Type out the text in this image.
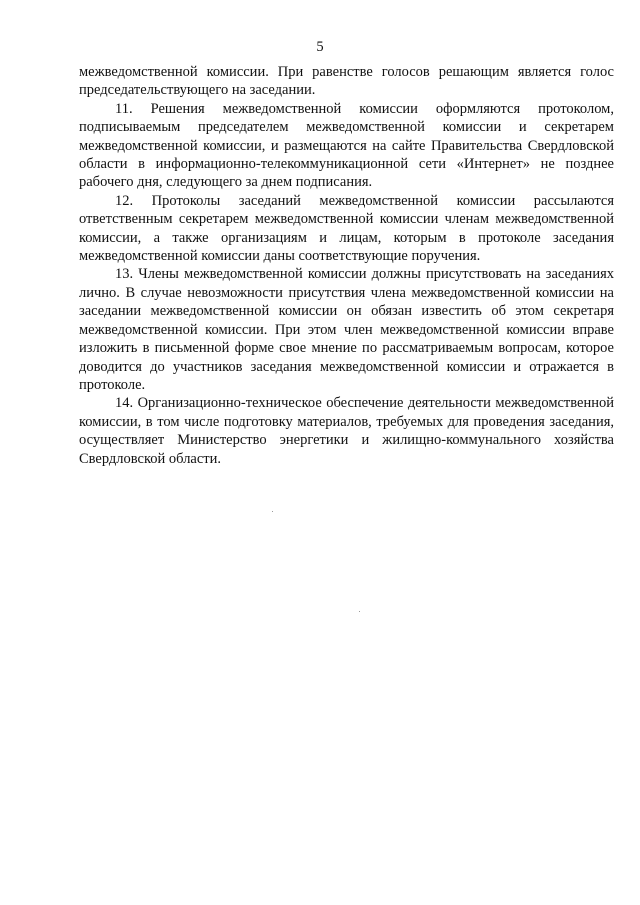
5

межведомственной комиссии. При равенстве голосов решающим является голос председательствующего на заседании.

11. Решения межведомственной комиссии оформляются протоколом, подписываемым председателем межведомственной комиссии и секретарем межведомственной комиссии, и размещаются на сайте Правительства Свердловской области в информационно-телекоммуникационной сети «Интернет» не позднее рабочего дня, следующего за днем подписания.

12. Протоколы заседаний межведомственной комиссии рассылаются ответственным секретарем межведомственной комиссии членам межведомственной комиссии, а также организациям и лицам, которым в протоколе заседания межведомственной комиссии даны соответствующие поручения.

13. Члены межведомственной комиссии должны присутствовать на заседаниях лично. В случае невозможности присутствия члена межведомственной комиссии на заседании межведомственной комиссии он обязан известить об этом секретаря межведомственной комиссии. При этом член межведомственной комиссии вправе изложить в письменной форме свое мнение по рассматриваемым вопросам, которое доводится до участников заседания межведомственной комиссии и отражается в протоколе.

14. Организационно-техническое обеспечение деятельности межведомственной комиссии, в том числе подготовку материалов, требуемых для проведения заседания, осуществляет Министерство энергетики и жилищно-коммунального хозяйства Свердловской области.
